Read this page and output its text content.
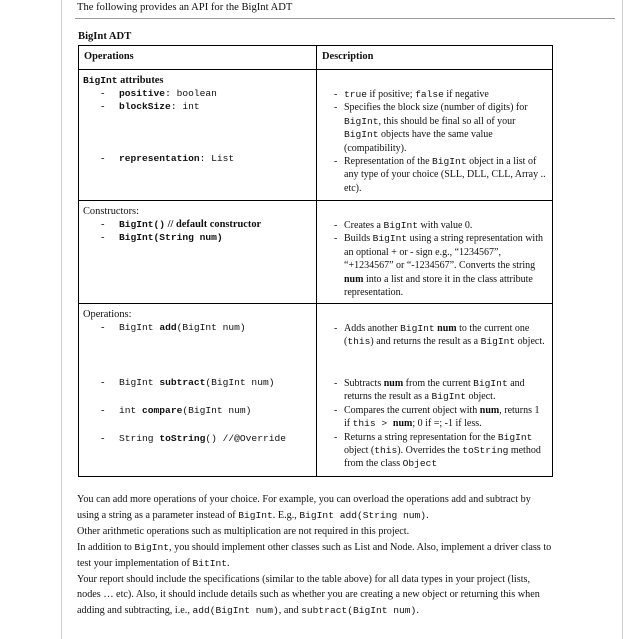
The following provides an API for the BigInt ADT
BigInt ADT
Operations	Description
BigInt attributes
- positive: boolean
- blockSize: int
- representation: List
- true if positive; false if negative
- Specifies the block size (number of digits) for BigInt, this should be final so all of your BigInt objects have the same value (compatibility).
- Representation of the BigInt object in a list of any type of your choice (SLL, DLL, CLL, Array .. etc).
Constructors:
- BigInt() // default constructor
- BigInt(String num)
- Creates a BigInt with value 0.
- Builds BigInt using a string representation with an optional + or - sign e.g., “1234567”, “+1234567” or “-1234567”. Converts the string num into a list and store it in the class attribute representation.
Operations:
- BigInt add(BigInt num)
- BigInt subtract(BigInt num)
- int compare(BigInt num)
- String toString() //@Override
- Adds another BigInt num to the current one (this) and returns the result as a BigInt object.
- Subtracts num from the current BigInt and returns the result as a BigInt object.
- Compares the current object with num, returns 1 if this > num; 0 if =; -1 if less.
- Returns a string representation for the BigInt object (this). Overrides the toString method from the class Object

You can add more operations of your choice. For example, you can overload the operations add and subtract by using a string as a parameter instead of BigInt. E.g., BigInt add(String num).

Other arithmetic operations such as multiplication are not required in this project.

In addition to BigInt, you should implement other classes such as List and Node. Also, implement a driver class to test your implementation of BitInt.

Your report should include the specifications (similar to the table above) for all data types in your project (lists, nodes … etc). Also, it should include details such as whether you are creating a new object or returning this when adding and subtracting, i.e., add(BigInt num), and subtract(BigInt num).
